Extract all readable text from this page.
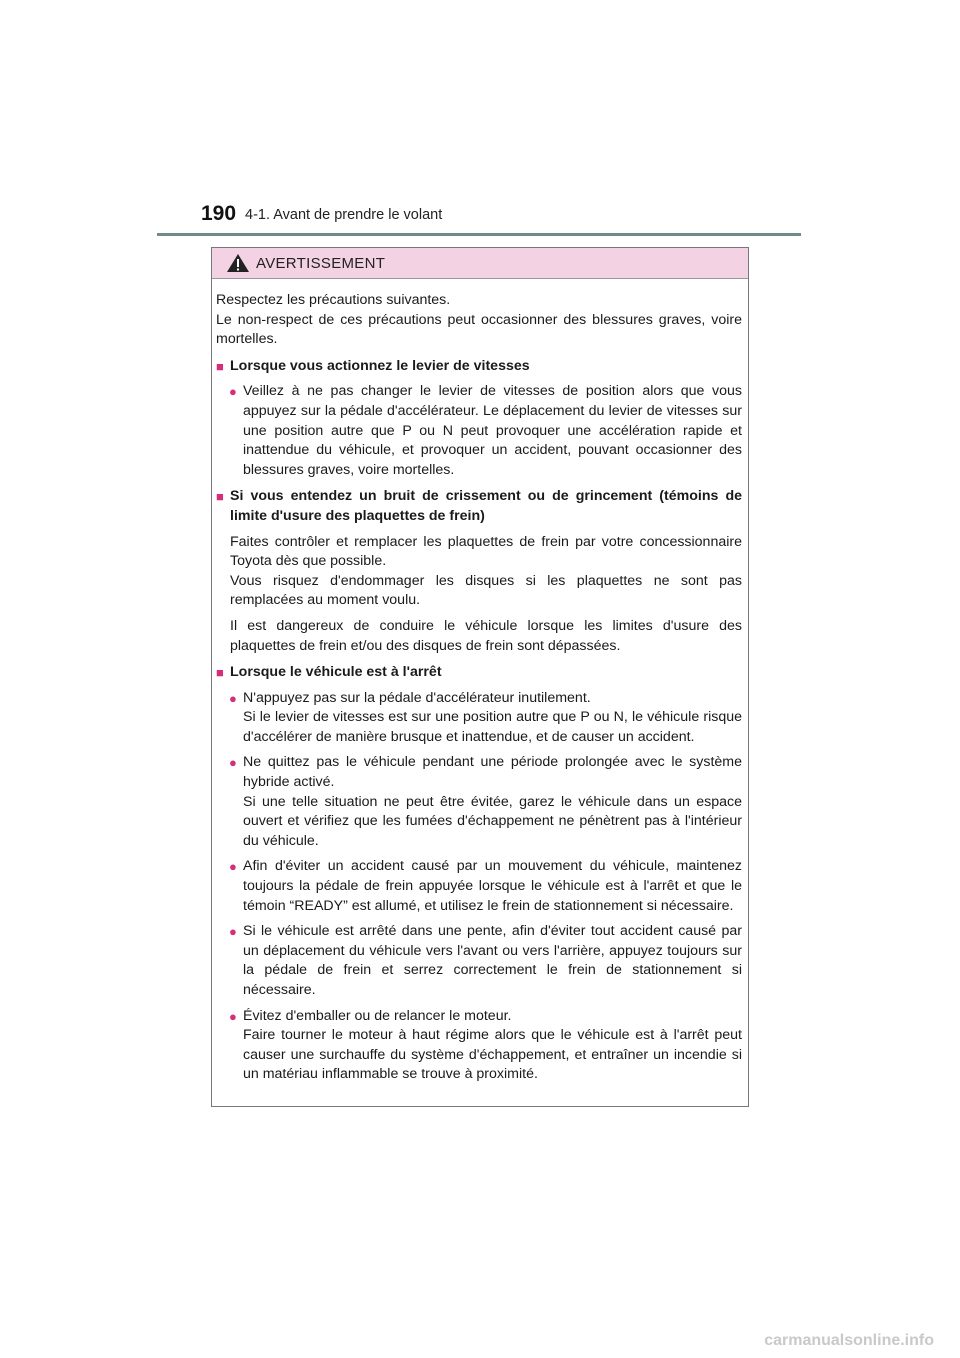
190 4-1. Avant de prendre le volant
AVERTISSEMENT

Respectez les précautions suivantes.

Le non-respect de ces précautions peut occasionner des blessures graves, voire mortelles.

■ Lorsque vous actionnez le levier de vitesses
● Veillez à ne pas changer le levier de vitesses de position alors que vous appuyez sur la pédale d'accélérateur. Le déplacement du levier de vitesses sur une position autre que P ou N peut provoquer une accélération rapide et inattendue du véhicule, et provoquer un accident, pouvant occasionner des blessures graves, voire mortelles.

■ Si vous entendez un bruit de crissement ou de grincement (témoins de limite d'usure des plaquettes de frein)

Faites contrôler et remplacer les plaquettes de frein par votre concessionnaire Toyota dès que possible.

Vous risquez d'endommager les disques si les plaquettes ne sont pas remplacées au moment voulu.

Il est dangereux de conduire le véhicule lorsque les limites d'usure des plaquettes de frein et/ou des disques de frein sont dépassées.

■ Lorsque le véhicule est à l'arrêt
● N'appuyez pas sur la pédale d'accélérateur inutilement.

Si le levier de vitesses est sur une position autre que P ou N, le véhicule risque d'accélérer de manière brusque et inattendue, et de causer un accident.

● Ne quittez pas le véhicule pendant une période prolongée avec le système hybride activé.

Si une telle situation ne peut être évitée, garez le véhicule dans un espace ouvert et vérifiez que les fumées d'échappement ne pénètrent pas à l'intérieur du véhicule.

● Afin d'éviter un accident causé par un mouvement du véhicule, maintenez toujours la pédale de frein appuyée lorsque le véhicule est à l'arrêt et que le témoin “READY” est allumé, et utilisez le frein de stationnement si nécessaire.

● Si le véhicule est arrêté dans une pente, afin d'éviter tout accident causé par un déplacement du véhicule vers l'avant ou vers l'arrière, appuyez toujours sur la pédale de frein et serrez correctement le frein de stationnement si nécessaire.

● Évitez d'emballer ou de relancer le moteur.

Faire tourner le moteur à haut régime alors que le véhicule est à l'arrêt peut causer une surchauffe du système d'échappement, et entraîner un incendie si un matériau inflammable se trouve à proximité.

carmanualsonline.info
